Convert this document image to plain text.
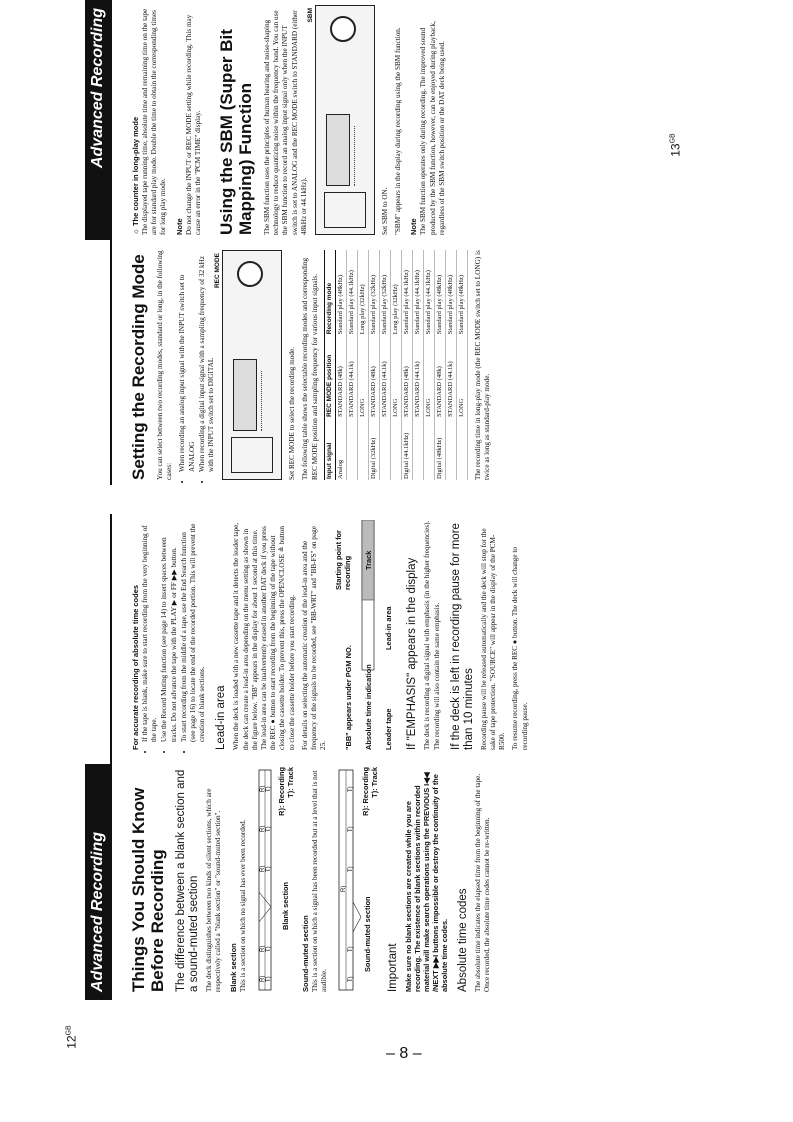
Advanced Recording Operations
Things You Should Know Before Recording The difference between a blank section and a sound-muted section The deck distinguishes between two kinds of silent sections, which are respectively called a "blank section" or "sound-muted section". Blank section This is a section on which no signal has ever been recorded. R)
R)
R)
R)
R)
T)
T)
T)
T)
T)
Blank section
R): Recording T): Track
Sound-muted section This is a section on which a signal has been recorded but at a level that is not audible.

R)
T)
T)
T)
T)
T)
Sound-muted section
R): Recording T): Track
Important Make sure no blank sections are created while you are recording. The existence of blank sections within recorded material will make search operations using the PREVIOUS I◀◀ /NEXT ▶▶I buttons impossible or destroy the continuity of the absolute time codes. Absolute time codes The absolute time indicates the elapsed time from the beginning of the tape. Once recorded, the absolute time codes cannot be re-written.

For accurate recording of absolute time codes • If the tape is blank, make sure to start recording from the very beginning of the tape. • Use the Record Muting function (see page 14) to insert spaces between tracks. Do not advance the tape with the PLAY ▶ or FF ▶▶ button. • To start recording from the middle of a tape, use the End Search function (see page 16) to locate the end of the recorded portion. This will prevent the creation of blank sections. Lead-in area When the deck is loaded with a new cassette tape and it detects the leader tape, the deck can create a lead-in area depending on the menu setting as shown in the figure below. "BB" appears in the display for about 1 second at this time. The lead-in area can be inadvertently erased in another DAT deck if you press the REC ● button to start recording from the beginning of the tape without closing the cassette holder. To prevent this, press the OPEN/CLOSE ≜ button to close the cassette holder before you start recording. For details on selecting the automatic creation of the lead-in area and the frequency of the signals to be recorded, see "BB-WRT" and "BB-FS" on page 25. "BB" appears under PGM NO.
Starting point for recording
Absolute time indication
Track
Leader tape
Lead-in area If "EMPHASIS" appears in the display The deck is recording a digital signal with emphasis (in the higher frequencies). The recording will also contain the same emphasis. If the deck is left in recording pause for more than 10 minutes Recording pause will be released automatically and the deck will stop for the sake of tape protection. "SOURCE" will appear in the display of the PCM-R500. To resume recording, press the REC ● button. The deck will change to recording pause.

Advanced Recording Operations
Setting the Recording Mode You can select between two recording modes, standard or long, in the following cases: • When recording an analog input signal with the INPUT switch set to ANALOG • When recording a digital input signal with a sampling frequency of 32 kHz with the INPUT switch set to DIGITAL
REC MODE

Set REC MODE to select the recording mode. The following table shows the selectable recording modes and corresponding REC MODE position and sampling frequency for various input signals. Input signal	REC MODE position	Recording mode
Analog	STANDARD (48k)	Standard play (48kHz)
	STANDARD (44.1k)	Standard play (44.1kHz)
	LONG	Long play (32kHz)
Digital (32kHz)	STANDARD (48k)	Standard play (32kHz)
	STANDARD (44.1k)	Standard play (32kHz)
	LONG	Long play (32kHz)
Digital (44.1kHz)	STANDARD (48k)	Standard play (44.1kHz)
	STANDARD (44.1k)	Standard play (44.1kHz)
	LONG	Standard play (44.1kHz)
Digital (48kHz)	STANDARD (48k)	Standard play (48kHz)
	STANDARD (44.1k)	Standard play (48kHz)
	LONG	Standard play (48kHz) The recording time in long-play mode (the REC MODE switch set to LONG) is twice as long as standard-play mode.

☼ The counter in long-play mode The displayed tape running time, absolute time and remaining time on the tape are for standard play mode. Double the time to obtain the corresponding times for long play mode. Note Do not change the INPUT or REC MODE setting while recording. This may cause an error in the "PCM TIME" display. Using the SBM (Super Bit Mapping) Function The SBM function uses the principles of human hearing and noise-shaping technology to reduce quantizing noise within the frequency band. You can use the SBM function to record an analog input signal only when the INPUT switch is set to ANALOG and the REC MODE switch to STANDARD (either 48kHz or 44.1kHz).

SBM

Set SBM to ON. "SBM" appears in the display during recording using the SBM function. Note The SBM function operates only during recording. The improved sound produced by the SBM function, however, can be enjoyed during playback, regardless of the SBM switch position or the DAT deck being used.

$12^{GB}$
$13^{GB}$
– 8 –
